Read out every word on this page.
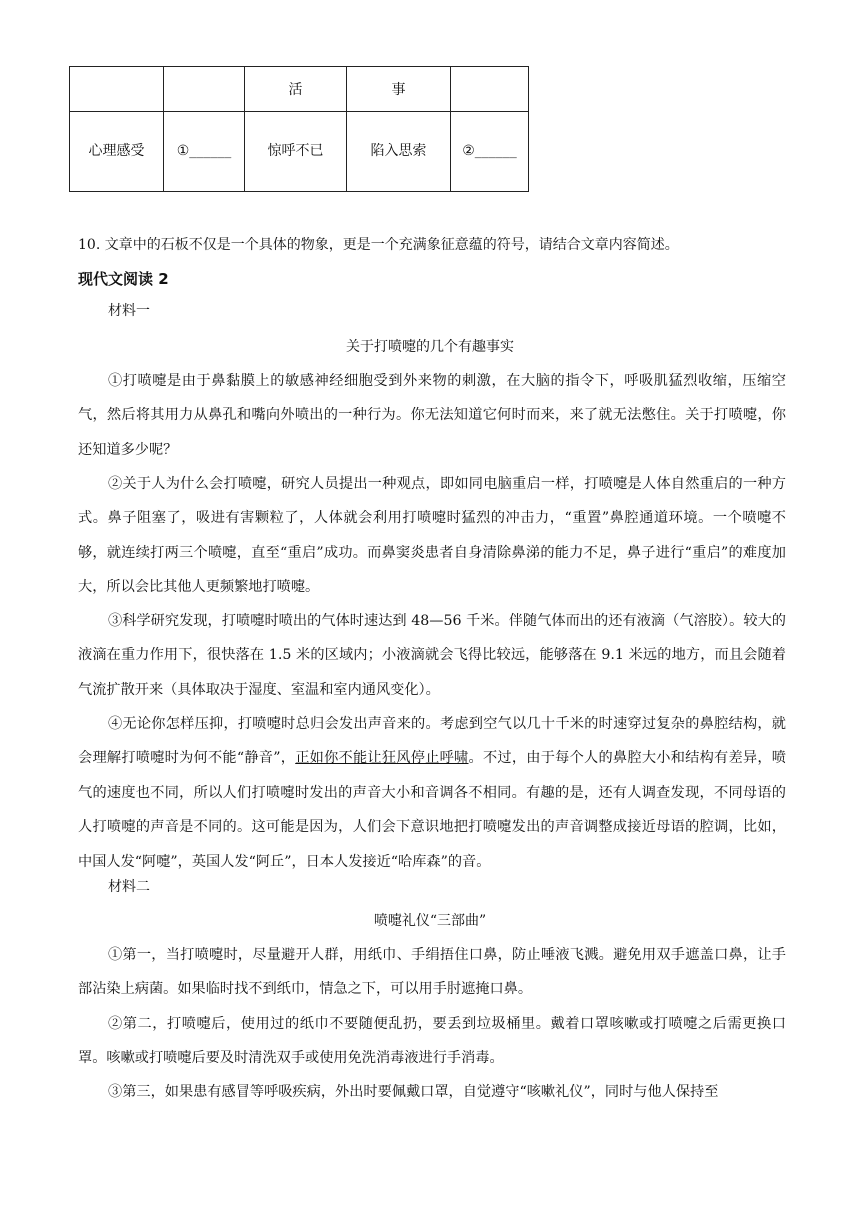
		活	事	
心理感受	①______	惊呼不已	陷入思索	②______
10. 文章中的石板不仅是一个具体的物象，更是一个充满象征意蕴的符号，请结合文章内容简述。
现代文阅读 2
材料一
关于打喷嚏的几个有趣事实

①打喷嚏是由于鼻黏膜上的敏感神经细胞受到外来物的刺激，在大脑的指令下，呼吸肌猛烈收缩，压缩空气，然后将其用力从鼻孔和嘴向外喷出的一种行为。你无法知道它何时而来，来了就无法憋住。关于打喷嚏，你还知道多少呢？

②关于人为什么会打喷嚏，研究人员提出一种观点，即如同电脑重启一样，打喷嚏是人体自然重启的一种方式。鼻子阻塞了，吸进有害颗粒了，人体就会利用打喷嚏时猛烈的冲击力，“重置”鼻腔通道环境。一个喷嚏不够，就连续打两三个喷嚏，直至“重启”成功。而鼻窦炎患者自身清除鼻涕的能力不足，鼻子进行“重启”的难度加大，所以会比其他人更频繁地打喷嚏。

③科学研究发现，打喷嚏时喷出的气体时速达到 48—56 千米。伴随气体而出的还有液滴（气溶胶）。较大的液滴在重力作用下，很快落在 1.5 米的区域内；小液滴就会飞得比较远，能够落在 9.1 米远的地方，而且会随着气流扩散开来（具体取决于湿度、室温和室内通风变化）。

④无论你怎样压抑，打喷嚏时总归会发出声音来的。考虑到空气以几十千米的时速穿过复杂的鼻腔结构，就会理解打喷嚏时为何不能“静音”，正如你不能让狂风停止呼啸。不过，由于每个人的鼻腔大小和结构有差异，喷气的速度也不同，所以人们打喷嚏时发出的声音大小和音调各不相同。有趣的是，还有人调查发现，不同母语的人打喷嚏的声音是不同的。这可能是因为，人们会下意识地把打喷嚏发出的声音调整成接近母语的腔调，比如，中国人发“阿嚏”，英国人发“阿丘”，日本人发接近“哈库森”的音。

材料二
喷嚏礼仪“三部曲”

①第一，当打喷嚏时，尽量避开人群，用纸巾、手绢捂住口鼻，防止唾液飞溅。避免用双手遮盖口鼻，让手部沾染上病菌。如果临时找不到纸巾，情急之下，可以用手肘遮掩口鼻。

②第二，打喷嚏后，使用过的纸巾不要随便乱扔，要丢到垃圾桶里。戴着口罩咳嗽或打喷嚏之后需更换口罩。咳嗽或打喷嚏后要及时清洗双手或使用免洗消毒液进行手消毒。

③第三，如果患有感冒等呼吸疾病，外出时要佩戴口罩，自觉遵守“咳嗽礼仪”，同时与他人保持至
